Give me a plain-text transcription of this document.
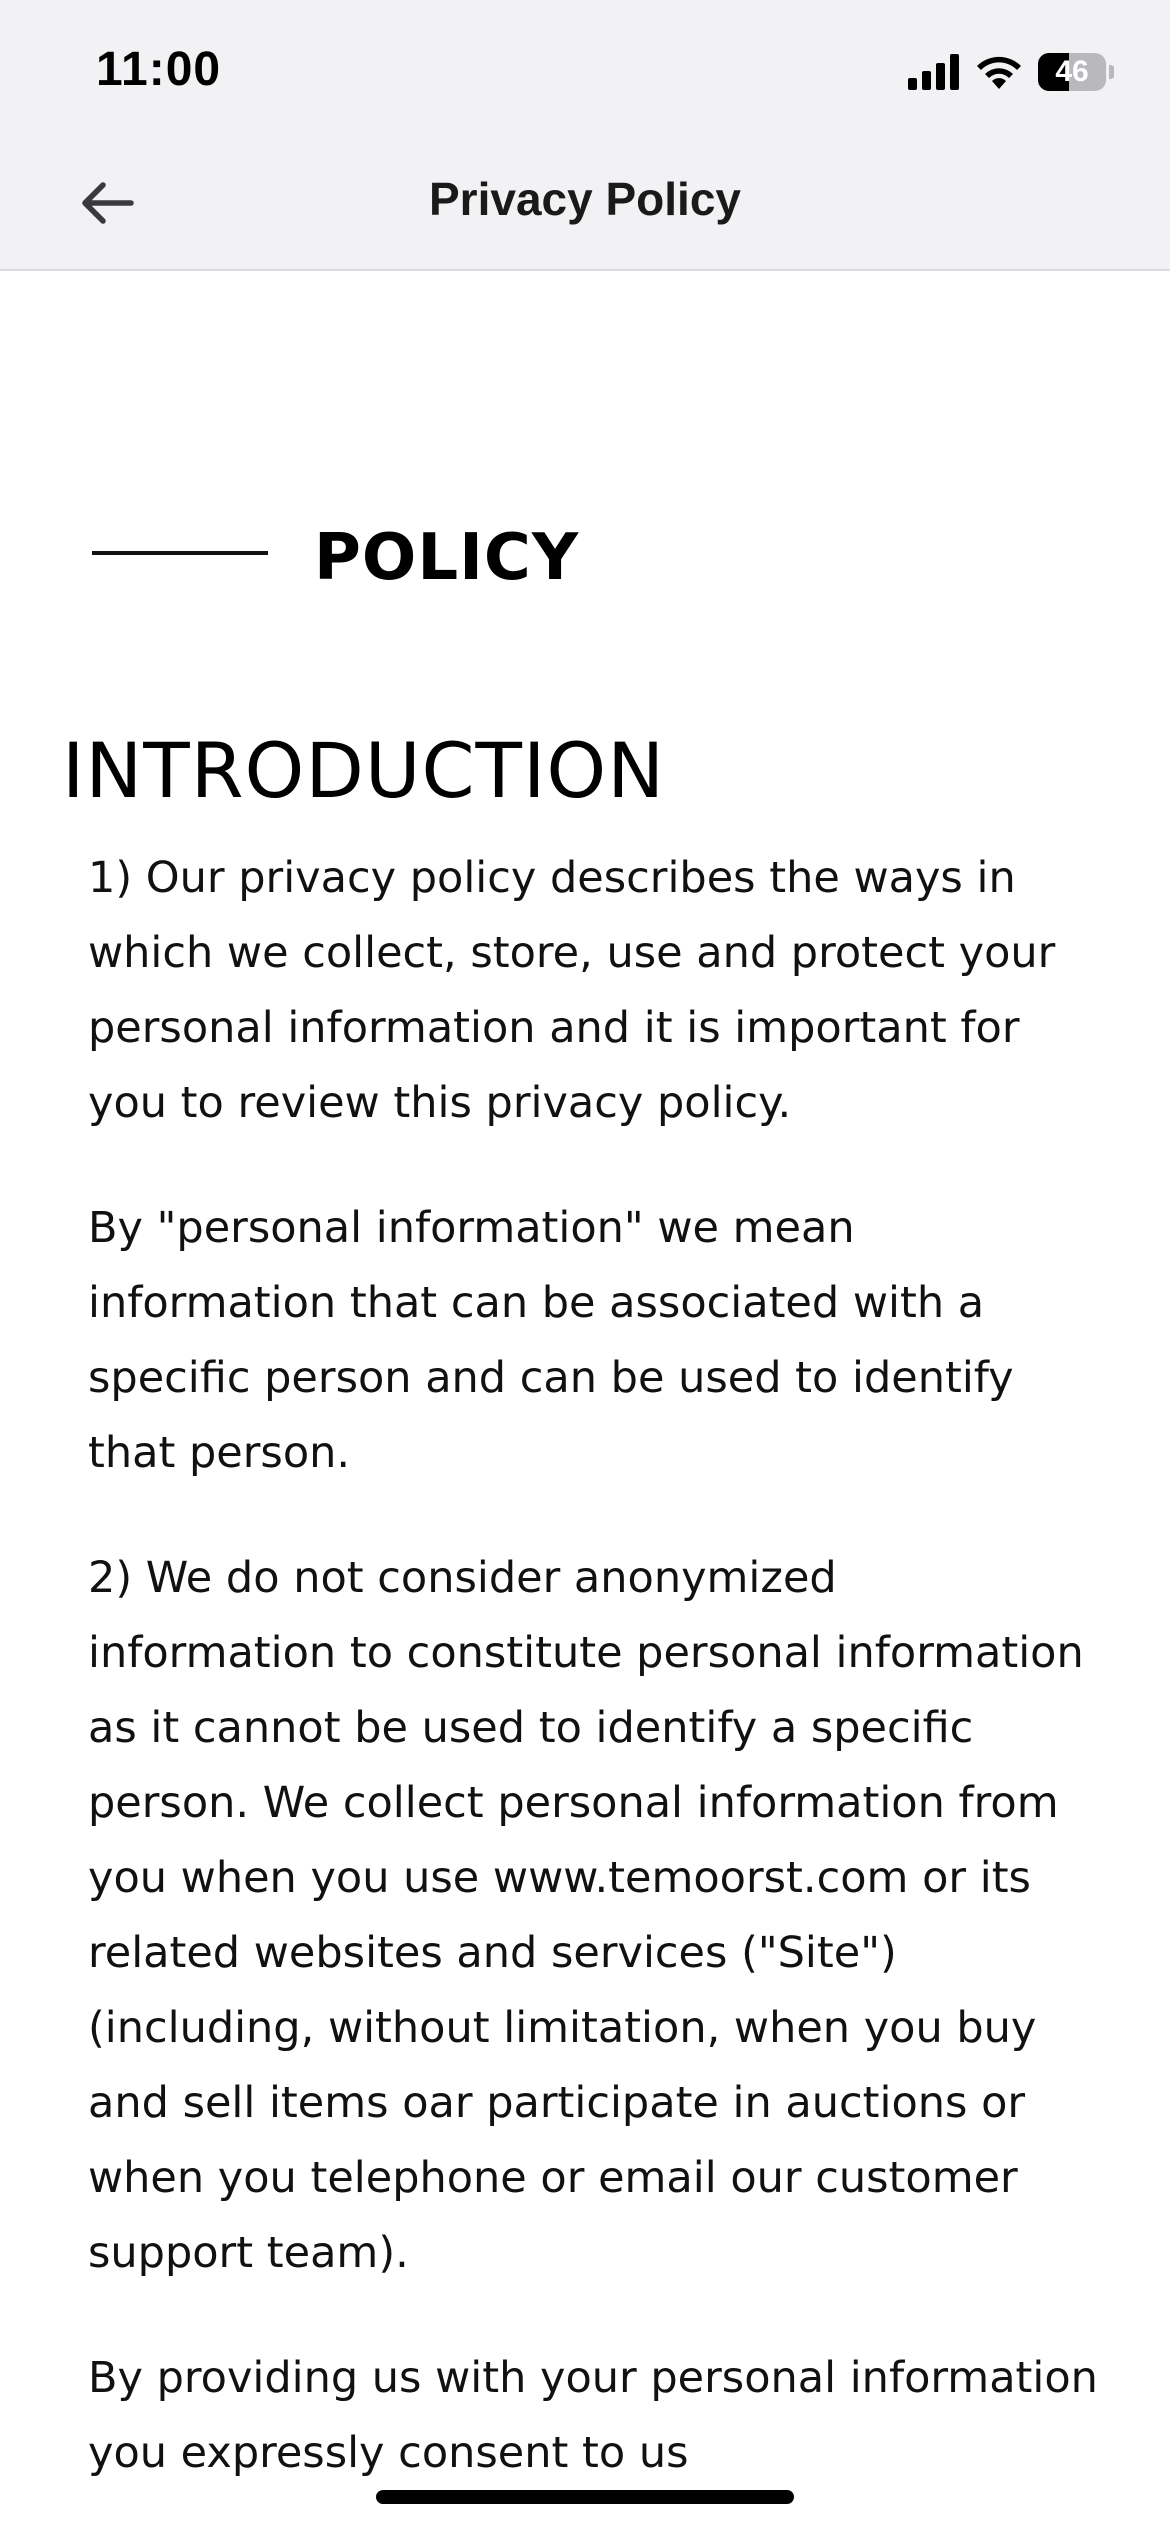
11:00	46
Privacy Policy
POLICY
INTRODUCTION

1) Our privacy policy describes the ways in which we collect, store, use and protect your personal information and it is important for you to review this privacy policy.

By "personal information" we mean information that can be associated with a specific person and can be used to identify that person.

2) We do not consider anonymized information to constitute personal information as it cannot be used to identify a specific person. We collect personal information from you when you use www.temoorst.com or its related websites and services ("Site") (including, without limitation, when you buy and sell items oar participate in auctions or when you telephone or email our customer support team).

By providing us with your personal information you expressly consent to us
